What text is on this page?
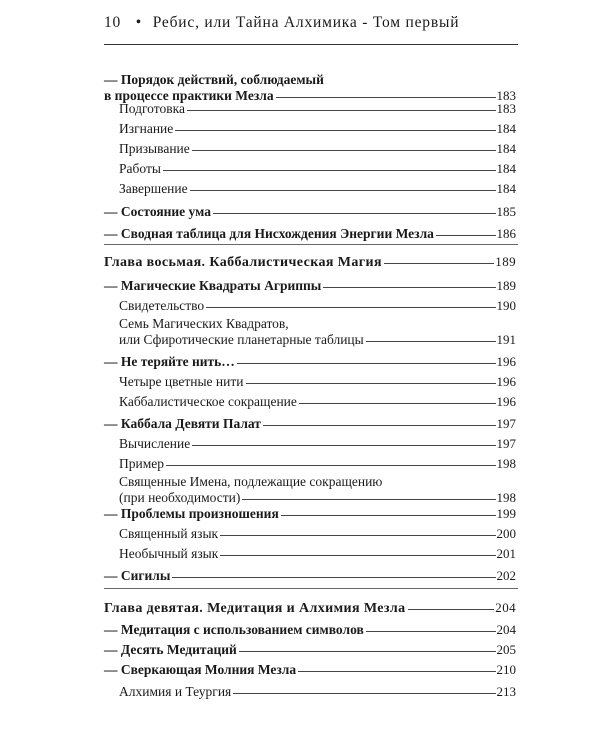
10 • Ребис, или Тайна Алхимика - Том первый
— Порядок действий, соблюдаемый
в процессе практики Мезла	183
Подготовка	183
Изгнание	184
Призывание	184
Работы	184
Завершение	184
— Состояние ума	185
— Сводная таблица для Нисхождения Энергии Мезла	186
Глава восьмая. Каббалистическая Магия	189
— Магические Квадраты Агриппы	189
Свидетельство	190
Семь Магических Квадратов,
или Сфиротические планетарные таблицы	191
— Не теряйте нить…	196
Четыре цветные нити	196
Каббалистическое сокращение	196
— Каббала Девяти Палат	197
Вычисление	197
Пример	198
Священные Имена, подлежащие сокращению
(при необходимости)	198
— Проблемы произношения	199
Священный язык	200
Необычный язык	201
— Сигилы	202
Глава девятая. Медитация и Алхимия Мезла	204
— Медитация с использованием символов	204
— Десять Медитаций	205
— Сверкающая Молния Мезла	210
Алхимия и Теургия	213
